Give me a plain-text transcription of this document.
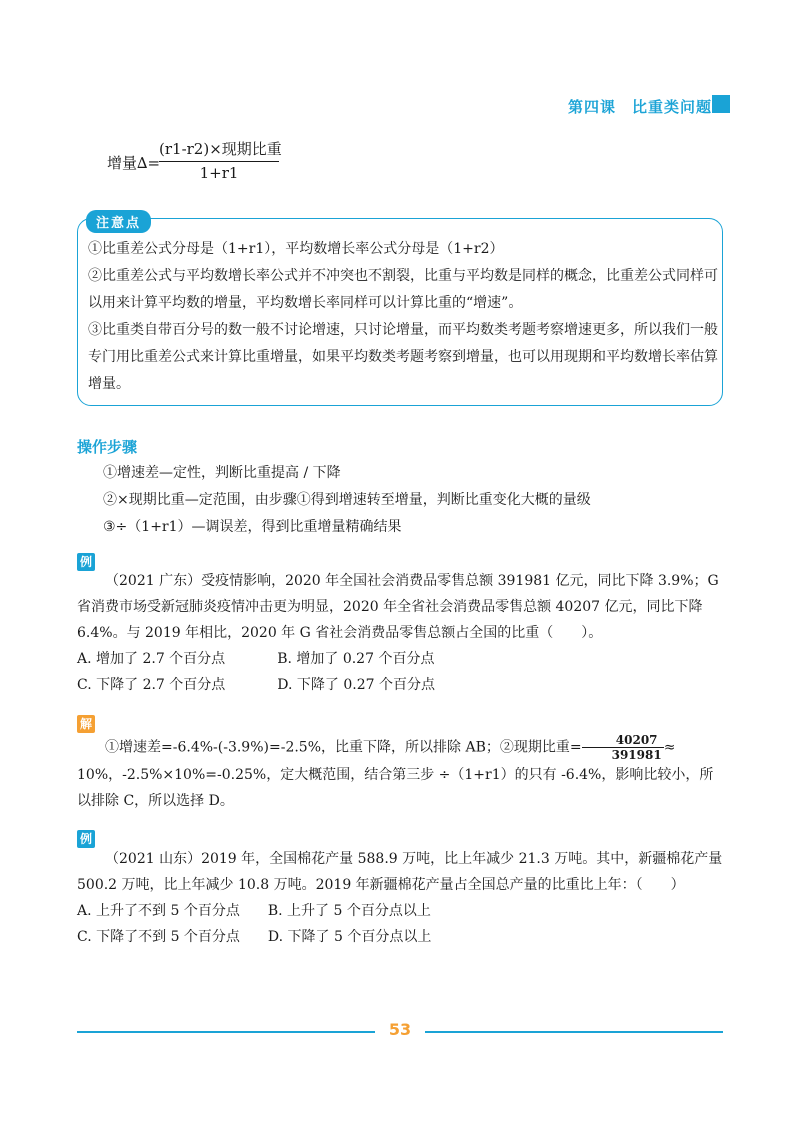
第四课　比重类问题
增量∆=
(r1-r2)×现期比重
1+r1
注意点

①比重差公式分母是（1+r1），平均数增长率公式分母是（1+r2）

②比重差公式与平均数增长率公式并不冲突也不割裂，比重与平均数是同样的概念，比重差公式同样可以用来计算平均数的增量，平均数增长率同样可以计算比重的“增速”。

③比重类自带百分号的数一般不讨论增速，只讨论增量，而平均数类考题考察增速更多，所以我们一般专门用比重差公式来计算比重增量，如果平均数类考题考察到增量，也可以用现期和平均数增长率估算增量。

操作步骤

①增速差—定性，判断比重提高 / 下降

②×现期比重—定范围，由步骤①得到增速转至增量，判断比重变化大概的量级

③÷（1+r1）—调误差，得到比重增量精确结果

例

（2021 广东）受疫情影响，2020 年全国社会消费品零售总额 391981 亿元，同比下降 3.9%；G 省消费市场受新冠肺炎疫情冲击更为明显，2020 年全省社会消费品零售总额 40207 亿元，同比下降 6.4%。与 2019 年相比，2020 年 G 省社会消费品零售总额占全国的比重（　　）。

A. 增加了 2.7 个百分点	B. 增加了 0.27 个百分点
C. 下降了 2.7 个百分点	D. 下降了 0.27 个百分点
解

①增速差=-6.4%-(-3.9%)=-2.5%，比重下降，所以排除 AB；②现期比重= $\frac{40207}{391981} \approx 10\%$，-2.5%×10%=-0.25%，定大概范围，结合第三步 ÷（1+r1）的只有 -6.4%，影响比较小，所以排除 C，所以选择 D。

例

（2021 山东）2019 年，全国棉花产量 588.9 万吨，比上年减少 21.3 万吨。其中，新疆棉花产量 500.2 万吨，比上年减少 10.8 万吨。2019 年新疆棉花产量占全国总产量的比重比上年：（　　）

A. 上升了不到 5 个百分点 B. 上升了 5 个百分点以上
C. 下降了不到 5 个百分点 D. 下降了 5 个百分点以上
53
